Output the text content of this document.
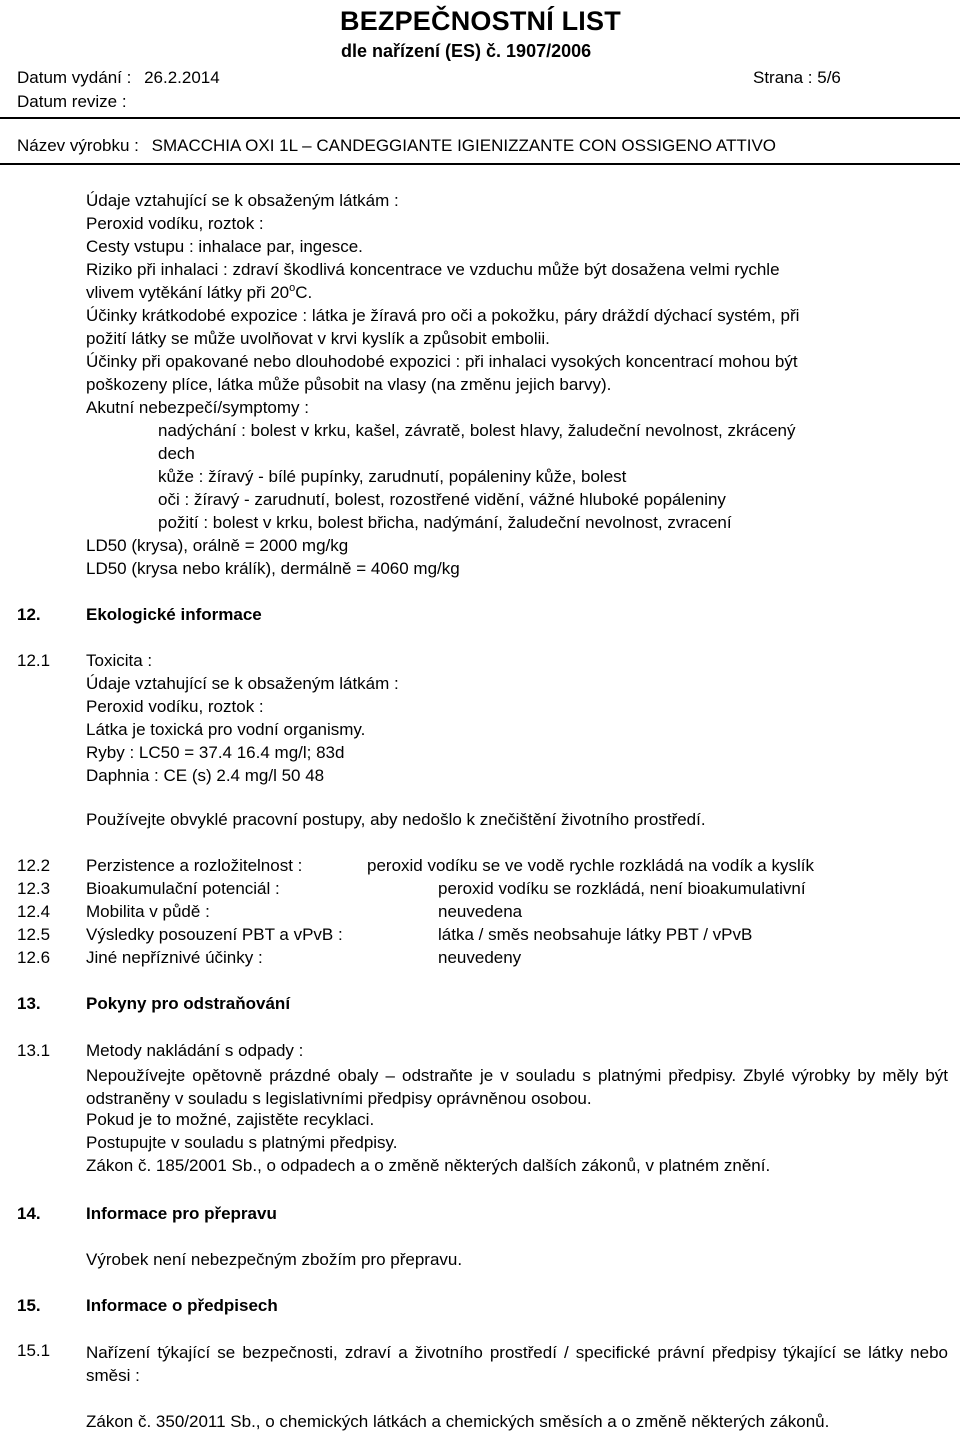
BEZPEČNOSTNÍ LIST
dle nařízení (ES) č. 1907/2006
Datum vydání : 26.2.2014	Strana : 5/6
Datum revize :
Název výrobku : SMACCHIA OXI 1L – CANDEGGIANTE IGIENIZZANTE CON OSSIGENO ATTIVO
Údaje vztahující se k obsaženým látkám :
Peroxid vodíku, roztok :
Cesty vstupu : inhalace par, ingesce.
Riziko při inhalaci : zdraví škodlivá koncentrace ve vzduchu může být dosažena velmi rychle
vlivem vytěkání látky při 20$^o$C.
Účinky krátkodobé expozice : látka je žíravá pro oči a pokožku, páry dráždí dýchací systém, při
požití látky se může uvolňovat v krvi kyslík a způsobit embolii.
Účinky při opakované nebo dlouhodobé expozici : při inhalaci vysokých koncentrací mohou být
poškozeny plíce, látka může působit na vlasy (na změnu jejich barvy).
Akutní nebezpečí/symptomy :
nadýchání : bolest v krku, kašel, závratě, bolest hlavy, žaludeční nevolnost, zkrácený
dech
kůže : žíravý - bílé pupínky, zarudnutí, popáleniny kůže, bolest
oči : žíravý - zarudnutí, bolest, rozostřené vidění, vážné hluboké popáleniny
požití : bolest v krku, bolest břicha, nadýmání, žaludeční nevolnost, zvracení
LD50 (krysa), orálně = 2000 mg/kg
LD50 (krysa nebo králík), dermálně = 4060 mg/kg
12.	Ekologické informace
12.1 Toxicita :
Údaje vztahující se k obsaženým látkám :
Peroxid vodíku, roztok :
Látka je toxická pro vodní organismy.
Ryby : LC50 = 37.4 16.4 mg/l; 83d
Daphnia : CE (s) 2.4 mg/l 50 48
Používejte obvyklé pracovní postupy, aby nedošlo k znečištění životního prostředí.
12.2 Perzistence a rozložitelnost :	peroxid vodíku se ve vodě rychle rozkládá na vodík a kyslík
12.3 Bioakumulační potenciál :	peroxid vodíku se rozkládá, není bioakumulativní
12.4 Mobilita v půdě :	neuvedena
12.5 Výsledky posouzení PBT a vPvB :	látka / směs neobsahuje látky PBT / vPvB
12.6 Jiné nepříznivé účinky :	neuvedeny
13.	Pokyny pro odstraňování
13.1 Metody nakládání s odpady :
Nepoužívejte opětovně prázdné obaly – odstraňte je v souladu s platnými předpisy. Zbylé výrobky by měly být odstraněny v souladu s legislativními předpisy oprávněnou osobou.
Pokud je to možné, zajistěte recyklaci.
Postupujte v souladu s platnými předpisy.
Zákon č. 185/2001 Sb., o odpadech a o změně některých dalších zákonů, v platném znění.
14.	Informace pro přepravu
Výrobek není nebezpečným zbožím pro přepravu.
15.	Informace o předpisech
15.1 Nařízení týkající se bezpečnosti, zdraví a životního prostředí / specifické právní předpisy týkající se látky nebo směsi :
Zákon č. 350/2011 Sb., o chemických látkách a chemických směsích a o změně některých zákonů.
